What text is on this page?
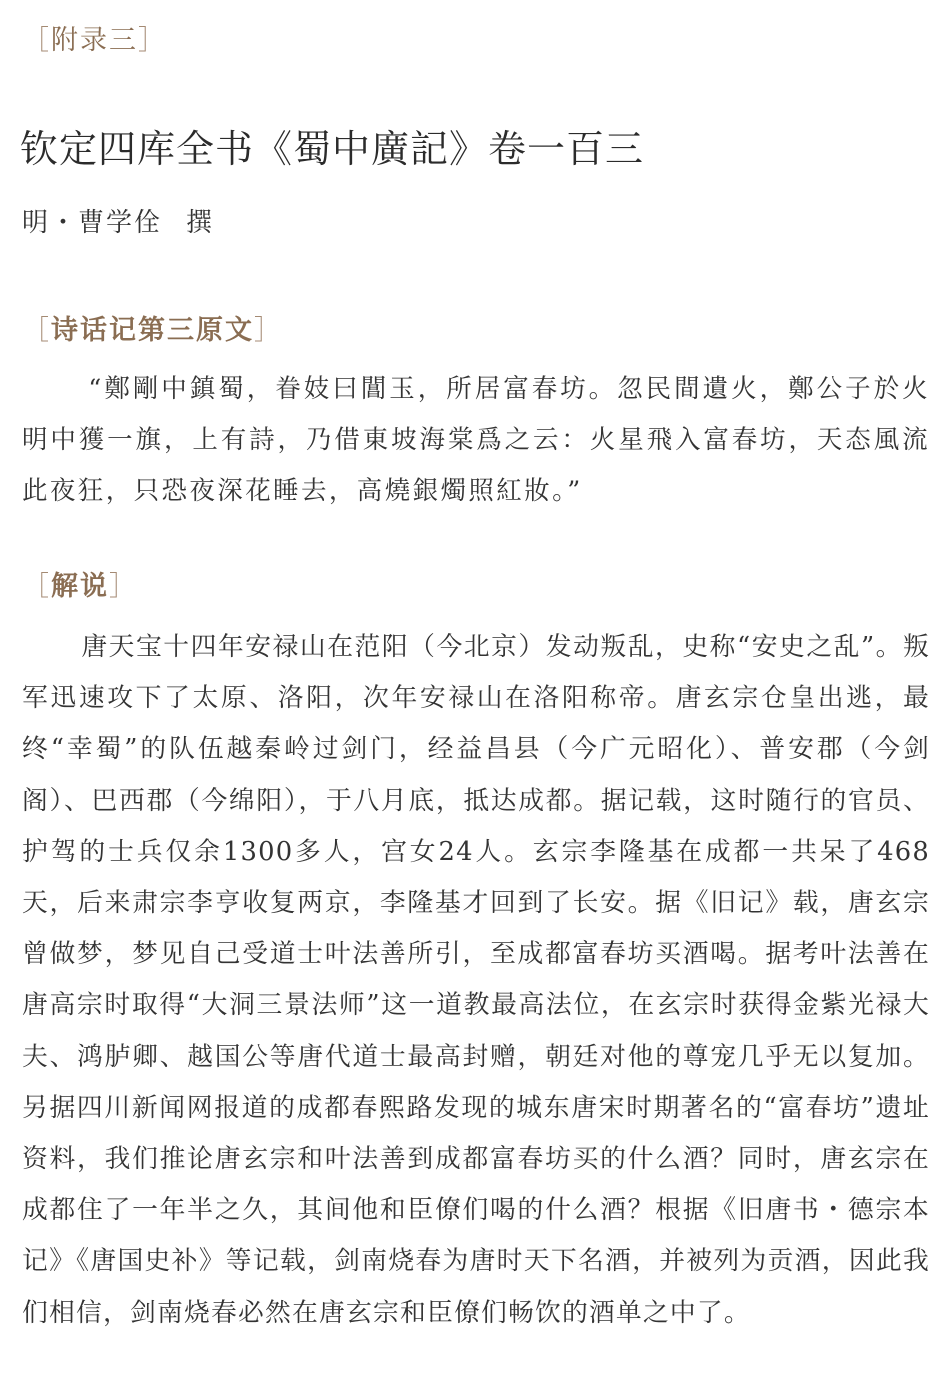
［附录三］
钦定四库全书《蜀中廣記》卷一百三
明・曹学佺 撰
［诗话记第三原文］

“鄭剛中鎮蜀，眷妓曰閶玉，所居富春坊。忽民間遺火，鄭公子於火明中獲一旗，上有詩，乃借東坡海棠爲之云：火星飛入富春坊，天态風流此夜狂，只恐夜深花睡去，高燒銀燭照紅妝。”

［解说］

唐天宝十四年安禄山在范阳（今北京）发动叛乱，史称“安史之乱”。叛军迅速攻下了太原、洛阳，次年安禄山在洛阳称帝。唐玄宗仓皇出逃，最终“幸蜀”的队伍越秦岭过剑门，经益昌县（今广元昭化）、普安郡（今剑阁）、巴西郡（今绵阳），于八月底，抵达成都。据记载，这时随行的官员、护驾的士兵仅余1300多人，宫女24人。玄宗李隆基在成都一共呆了468天，后来肃宗李亨收复两京，李隆基才回到了长安。据《旧记》载，唐玄宗曾做梦，梦见自己受道士叶法善所引，至成都富春坊买酒喝。据考叶法善在唐高宗时取得“大洞三景法师”这一道教最高法位，在玄宗时获得金紫光禄大夫、鸿胪卿、越国公等唐代道士最高封赠，朝廷对他的尊宠几乎无以复加。另据四川新闻网报道的成都春熙路发现的城东唐宋时期著名的“富春坊”遗址资料，我们推论唐玄宗和叶法善到成都富春坊买的什么酒？同时，唐玄宗在成都住了一年半之久，其间他和臣僚们喝的什么酒？根据《旧唐书・德宗本记》《唐国史补》等记载，剑南烧春为唐时天下名酒，并被列为贡酒，因此我们相信，剑南烧春必然在唐玄宗和臣僚们畅饮的酒单之中了。
